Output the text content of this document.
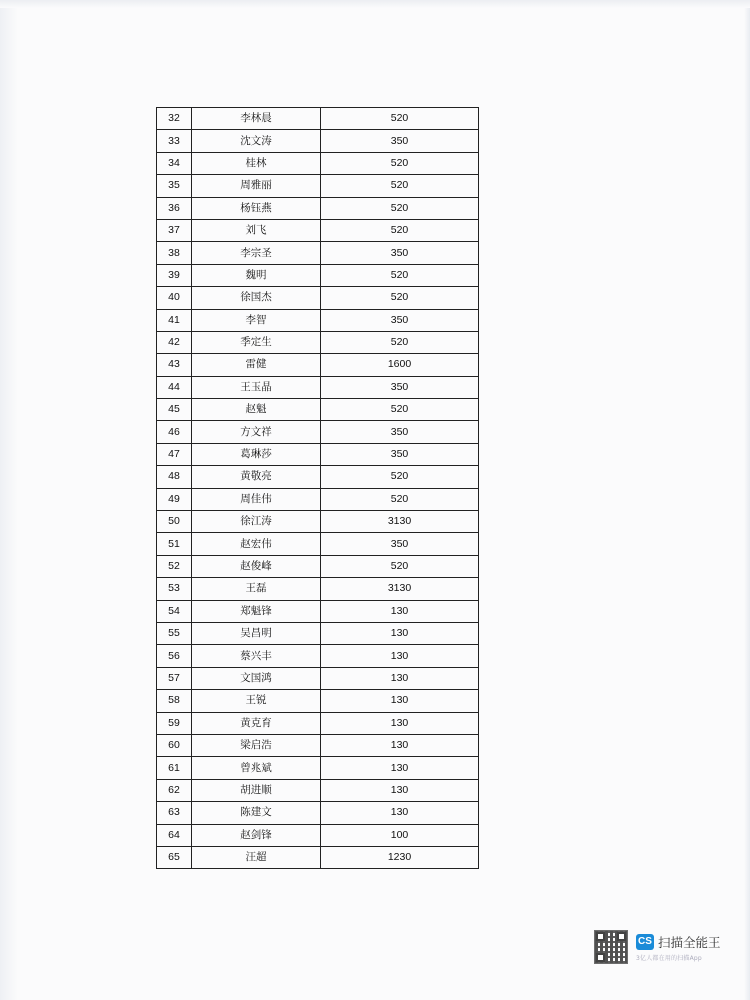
32	李林晨	520
33	沈文涛	350
34	桂林	520
35	周雅丽	520
36	杨钰燕	520
37	刘飞	520
38	李宗圣	350
39	魏明	520
40	徐国杰	520
41	李智	350
42	季定生	520
43	雷健	1600
44	王玉晶	350
45	赵魁	520
46	方文祥	350
47	葛琳莎	350
48	黄敬亮	520
49	周佳伟	520
50	徐江涛	3130
51	赵宏伟	350
52	赵俊峰	520
53	王磊	3130
54	郑魁锋	130
55	吴昌明	130
56	蔡兴丰	130
57	文国鸿	130
58	王锐	130
59	黄克育	130
60	梁启浩	130
61	曾兆斌	130
62	胡进顺	130
63	陈建文	130
64	赵剑锋	100
65	汪超	1230
CS 扫描全能王
3亿人都在用的扫描App
